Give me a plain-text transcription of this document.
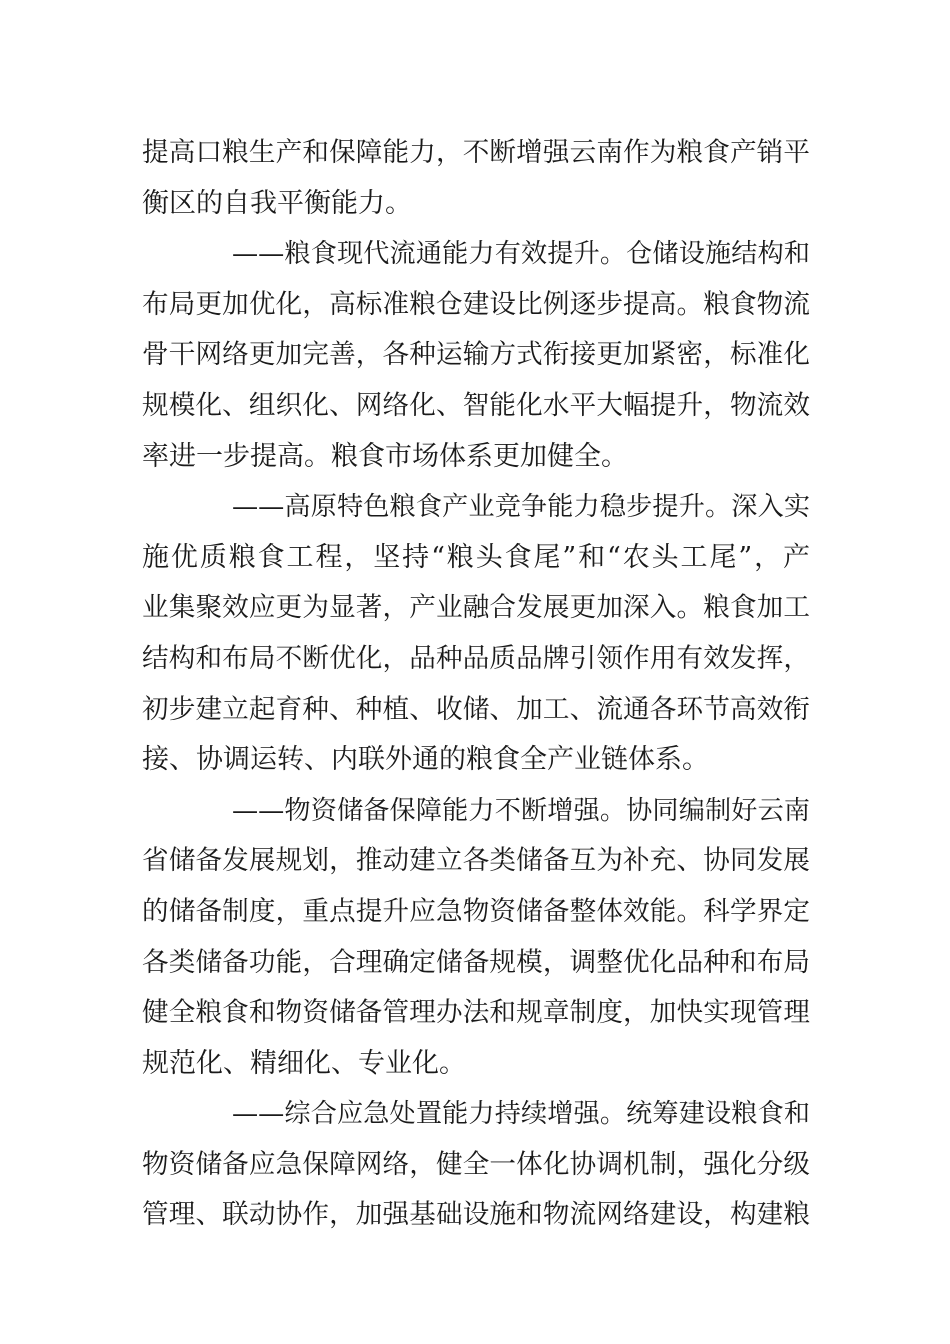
提高口粮生产和保障能力，不断增强云南作为粮食产销平
衡区的自我平衡能力。
——粮食现代流通能力有效提升。仓储设施结构和
布局更加优化，高标准粮仓建设比例逐步提高。粮食物流
骨干网络更加完善，各种运输方式衔接更加紧密，标准化
规模化、组织化、网络化、智能化水平大幅提升，物流效
率进一步提高。粮食市场体系更加健全。
——高原特色粮食产业竞争能力稳步提升。深入实
施优质粮食工程，坚持“粮头食尾”和“农头工尾”，产
业集聚效应更为显著，产业融合发展更加深入。粮食加工
结构和布局不断优化，品种品质品牌引领作用有效发挥，
初步建立起育种、种植、收储、加工、流通各环节高效衔
接、协调运转、内联外通的粮食全产业链体系。
——物资储备保障能力不断增强。协同编制好云南
省储备发展规划，推动建立各类储备互为补充、协同发展
的储备制度，重点提升应急物资储备整体效能。科学界定
各类储备功能，合理确定储备规模，调整优化品种和布局
健全粮食和物资储备管理办法和规章制度，加快实现管理
规范化、精细化、专业化。
——综合应急处置能力持续增强。统筹建设粮食和
物资储备应急保障网络，健全一体化协调机制，强化分级
管理、联动协作，加强基础设施和物流网络建设，构建粮
